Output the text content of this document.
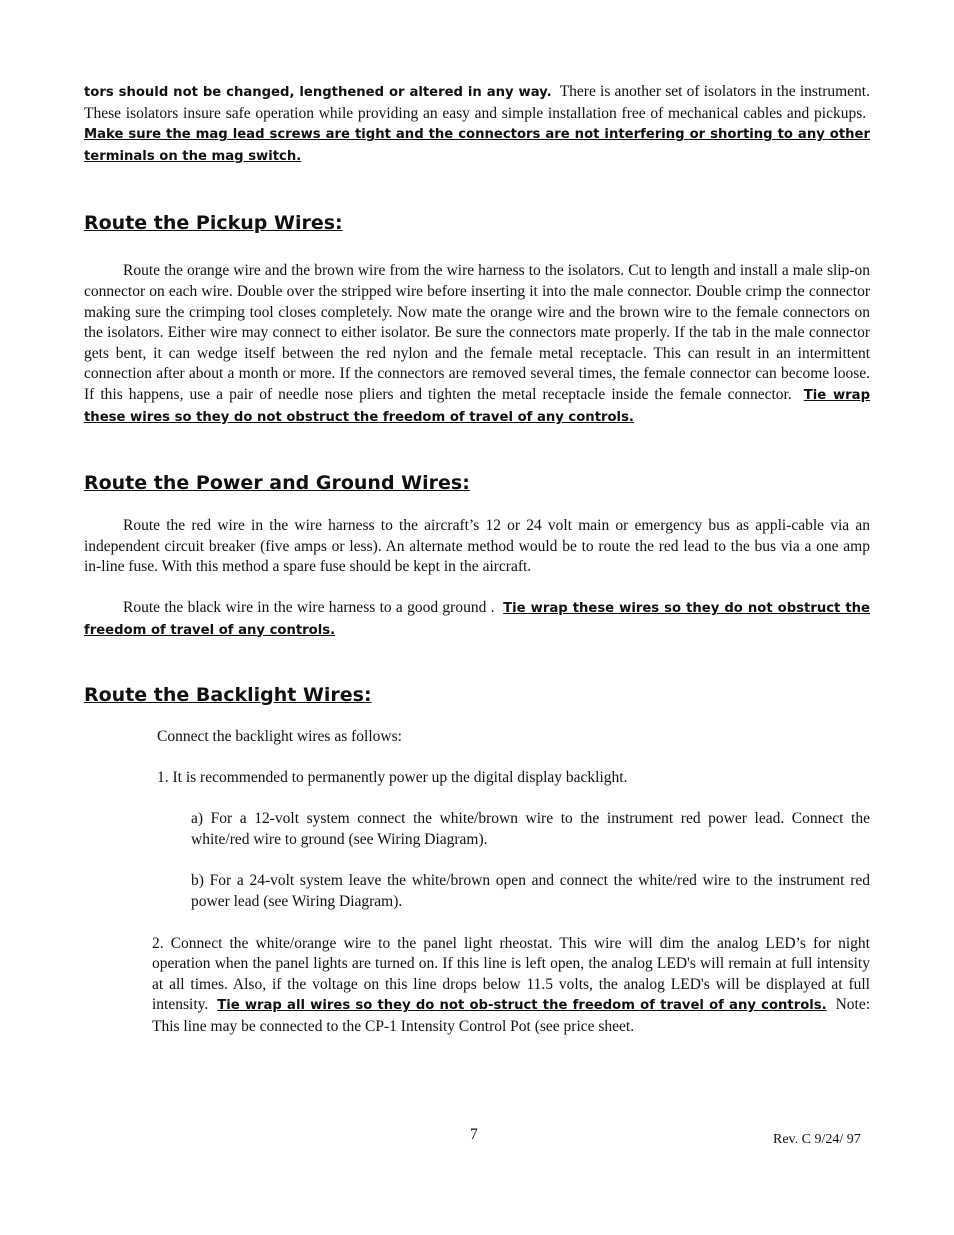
tors should not be changed, lengthened or altered in any way. There is another set of isolators in the instrument. These isolators insure safe operation while providing an easy and simple installation free of mechanical cables and pickups.  Make sure the mag lead screws are tight and the connectors are not interfering or shorting to any other terminals on the mag switch.

Route the Pickup Wires:

Route the orange wire and the brown wire from the wire harness to the isolators. Cut to length and install a male slip-on connector on each wire. Double over the stripped wire before inserting it into the male connector. Double crimp the connector making sure the crimping tool closes completely. Now mate the orange wire and the brown wire to the female connectors on the isolators. Either wire may connect to either isolator. Be sure the connectors mate properly. If the tab in the male connector gets bent, it can wedge itself between the red nylon and the female metal receptacle. This can result in an intermittent connection after about a month or more. If the connectors are removed several times, the female connector can become loose. If this happens, use a pair of needle nose pliers and tighten the metal receptacle inside the female connector. Tie wrap these wires so they do not obstruct the freedom of travel of any controls.

Route the Power and Ground Wires:

Route the red wire in the wire harness to the aircraft’s 12 or 24 volt main or emergency bus as appli-cable via an independent circuit breaker (five amps or less). An alternate method would be to route the red lead to the bus via a one amp in-line fuse. With this method a spare fuse should be kept in the aircraft.

Route the black wire in the wire harness to a good ground . Tie wrap these wires so they do not obstruct the freedom of travel of any controls.

Route the Backlight Wires:

Connect the backlight wires as follows:

1. It is recommended to permanently power up the digital display backlight.

a) For a 12-volt system connect the white/brown wire to the instrument red power lead. Connect the white/red wire to ground (see Wiring Diagram).

b) For a 24-volt system leave the white/brown open and connect the white/red wire to the instrument red power lead (see Wiring Diagram).

2. Connect the white/orange wire to the panel light rheostat. This wire will dim the analog LED’s for night operation when the panel lights are turned on. If this line is left open, the analog LED's will remain at full intensity at all times. Also, if the voltage on this line drops below 11.5 volts, the analog LED's will be displayed at full intensity. Tie wrap all wires so they do not ob-struct the freedom of travel of any controls. Note: This line may be connected to the CP-1 Intensity Control Pot (see price sheet.

7	Rev. C 9/24/ 97
